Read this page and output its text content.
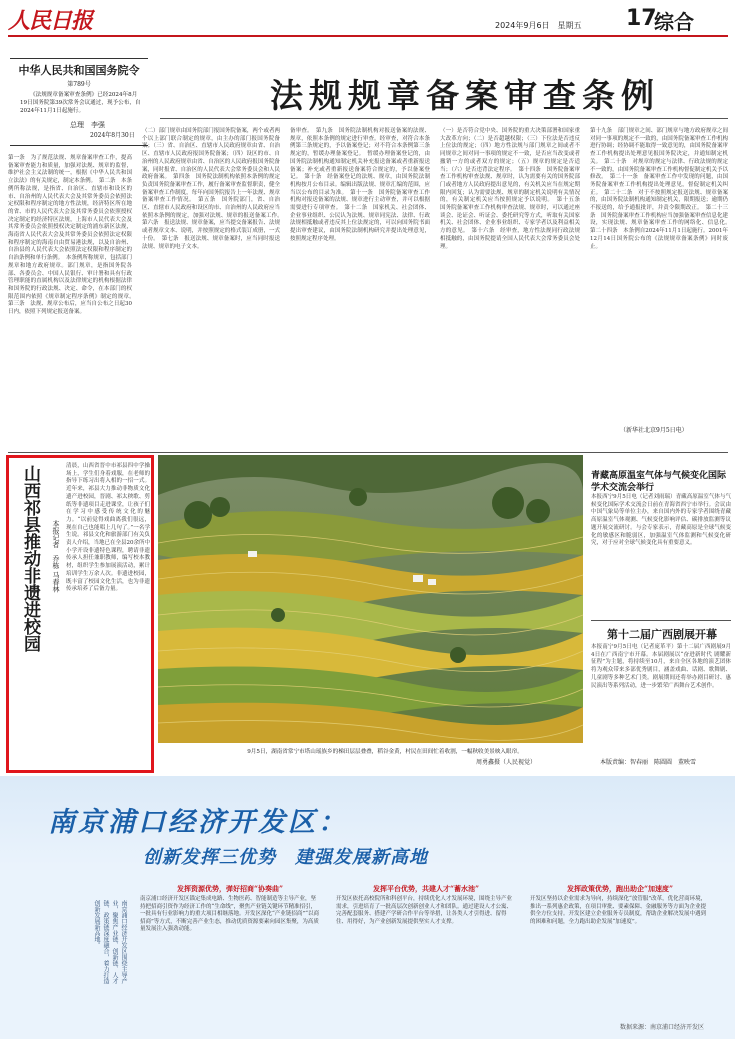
人民日报	2024年9月6日　星期五 17
综合
中华人民共和国国务院令
第789号
《法规规章备案审查条例》已经2024年8月19日国务院第39次常务会议通过，现予公布，自2024年11月1日起施行。
总理　李强
2024年8月30日
法规规章备案审查条例
第一条　为了规范法规、规章备案审查工作，提高备案审查能力和质量，加强对法规、规章的监督，维护社会主义法制的统一，根据《中华人民共和国立法法》的有关规定，制定本条例。　第二条　本条例所称法规，是指省、自治区、直辖市和设区的市、自治州的人民代表大会及其常务委员会依照法定权限和程序制定的地方性法规，经济特区所在地的省、市的人民代表大会及其常务委员会依照授权决定制定的经济特区法规，上海市人民代表大会及其常务委员会依照授权决定制定的浦东新区法规，海南省人民代表大会及其常务委员会依照法定权限和程序制定的海南自由贸易港法规，以及自治州、自治县的人民代表大会依照法定权限和程序制定的自治条例和单行条例。　本条例所称规章，包括部门规章和地方政府规章。部门规章，是指国务院各部、各委员会、中国人民银行、审计署和具有行政管理职能的直属机构以及法律规定的机构根据法律和国务院的行政法规、决定、命令，在本部门的权限范围内依照《规章制定程序条例》制定的规章。　第三条　法规、规章公布后，应当自公布之日起30日内，依照下列规定报送备案。
（二）部门规章由国务院部门报国务院备案，两个或者两个以上部门联合制定的规章，由主办的部门报国务院备案；（三）省、自治区、直辖市人民政府规章由省、自治区、直辖市人民政府报国务院备案；（四）设区的市、自治州的人民政府规章由省、自治区的人民政府报国务院备案，同时报省、自治区的人民代表大会常务委员会和人民政府备案。　第四条　国务院法制机构依照本条例的规定负责国务院备案审查工作，履行备案审查监督职责，健全备案审查工作制度，每年向国务院报告上一年法规、规章备案审查工作情况。　第五条　国务院部门，省、自治区、直辖市人民政府和设区的市、自治州的人民政府应当依照本条例的规定，加强对法规、规章的报送备案工作。　第六条　报送法规、规章备案，应当提交备案报告、法规或者规章文本、说明，并按照规定的格式装订成册，一式十份。　第七条　报送法规、规章备案时，应当同时报送法规、规章的电子文本。
备审查。　第九条　国务院法制机构对报送备案的法规、规章，依照本条例的规定进行审查。经审查，对符合本条例第三条规定的，予以备案登记；对不符合本条例第三条规定的，暂缓办理备案登记。　暂缓办理备案登记的，由国务院法制机构通知制定机关补充报送备案或者重新报送备案；补充或者重新报送备案符合规定的，予以备案登记。　第十条　经备案登记的法规、规章，由国务院法制机构按月公布目录。编辑出版法规、规章汇编的范围，应当以公布的目录为准。　第十一条　国务院备案审查工作机构对报送备案的法规、规章进行主动审查，并可以根据需要进行专项审查。　第十二条　国家机关、社会团体、企业事业组织、公民认为法规、规章同宪法、法律、行政法规相抵触或者违反其上位法规定的，可以向国务院书面提出审查建议，由国务院法制机构研究并提出处理意见，按照规定程序处理。
（一）是否符合党中央、国务院的重大决策部署和国家重大改革方向；（二）是否超越权限；（三）下位法是否违反上位法的规定；（四）地方性法规与部门规章之间或者不同规章之间对同一事项的规定不一致，是否应当改变或者撤销一方的或者双方的规定；（五）规章的规定是否适当；（六）是否违背法定程序。　第十四条　国务院备案审查工作机构审查法规、规章时，认为需要有关的国务院部门或者地方人民政府提出意见的，有关机关应当在规定期限内回复；认为需要法规、规章的制定机关说明有关情况的，有关制定机关应当按照规定予以说明。　第十五条　国务院备案审查工作机构审查法规、规章时，可以通过座谈会、论证会、听证会、委托研究等方式，听取有关国家机关、社会团体、企业事业组织、专家学者以及利益相关方的意见。　第十六条　经审查，地方性法规同行政法规相抵触的，由国务院提请全国人民代表大会常务委员会处理。
第十九条　部门规章之间、部门规章与地方政府规章之间对同一事项的规定不一致的，由国务院备案审查工作机构进行协调；经协调不能取得一致意见的，由国务院备案审查工作机构提出处理意见报国务院决定，并通知制定机关。　第二十条　对规章的规定与法律、行政法规的规定不一致的，由国务院备案审查工作机构督促制定机关予以修改。　第二十一条　备案审查工作中发现的问题，由国务院备案审查工作机构提出处理意见，督促制定机关纠正。　第二十二条　对于不按照规定报送法规、规章备案的，由国务院法制机构通知制定机关，限期报送；逾期仍不报送的，给予通报批评，并责令限期改正。　第二十三条　国务院备案审查工作机构应当加强备案审查信息化建设，实现法规、规章备案审查工作的网络化、信息化。　第二十四条　本条例自2024年11月1日起施行。2001年12月14日国务院公布的《法规规章备案条例》同时废止。
（新华社北京9月5日电）
山西祁县推动非遗进校园	本报记者　乔栋 马春林
清晨，山西省晋中市祁县四中学操场上，学生们身着戏服，在老师的指导下练习出将入相的一招一式。近年来，祁县大力推动非物质文化遗产进校园，晋剧、祁太秧歌、剪纸等非遗项目走进课堂，让孩子们在学习中感受传统文化的魅力。“以前觉得戏曲离我们很远，现在自己也能唱上几句了。”一名学生说。祁县文化和旅游部门有关负责人介绍，当地已在全县20余所中小学开设非遗特色课程，聘请非遗传承人担任兼职教师，编写校本教材，组织学生参加展演活动，累计培训学生万余人次。非遗进校园，既丰富了校园文化生活，也为非遗传承培养了后备力量。
9月5日，湖南省常宁市塔山瑶族乡的梯田层层叠叠，稻谷金黄，村民在田间忙着收割，一幅秋收美景映入眼帘。
周勇鑫摄（人民视觉）
青藏高原温室气体与气候变化国际学术交流会举行
本报西宁9月5日电（记者刘雨瑞）青藏高原温室气体与气候变化国际学术交流会日前在青海省西宁市举行。会议由中国气象局等单位主办，来自国内外的专家学者围绕青藏高原温室气体观测、气候变化影响评估、碳排放监测等议题开展交流研讨。与会专家表示，青藏高原是全球气候变化的敏感区和脆弱区，加强温室气体监测和气候变化研究，对于应对全球气候变化具有重要意义。
第十二届广西剧展开幕
本报南宁9月5日电（记者庞革平）第十二届广西剧展9月4日在广西南宁市开幕。本届剧展以“奋进新时代 剧耀新征程”为主题，将持续至10月，来自全区各地的演艺团体将为观众带来多部优秀剧目，涵盖戏曲、话剧、歌舞剧、儿童剧等多种艺术门类。剧展期间还将举办剧目研讨、惠民演出等系列活动，进一步繁荣广西舞台艺术创作。
本版责编：智春丽　陈圆圆　董映雪
南京浦口经济开发区：
创新发挥三优势　建强发展新高地
南京浦口经济开发区围绕主导产业，聚焦产业链、创新链、人才链、政策链深度融合，着力打造创新发展新高地。
发挥资源优势，弹好招商“协奏曲”
南京浦口经济开发区锚定集成电路、生物医药、智能制造等主导产业，坚持把招商引资作为经济工作的“生命线”，聚焦产业链关键环节精准招引，一批具有行业影响力的重大项目相继落地。开发区深化“产业链招商”“以商招商”等方式，不断完善产业生态，推动优质资源要素向园区集聚，为高质量发展注入强劲动能。
发挥平台优势，共建人才“蓄水池”
开发区依托高校院所和科创平台，持续优化人才发展环境，围绕主导产业需求，引进培育了一批高层次创新创业人才和团队。通过建设人才公寓、完善配套服务、搭建产学研合作平台等举措，让各类人才引得进、留得住、用得好，为产业创新发展提供坚实人才支撑。
发挥政策优势，跑出助企“加速度”
开发区坚持以企业需求为导向，持续深化“放管服”改革，优化营商环境，推出一系列惠企政策，在项目审批、要素保障、金融服务等方面为企业提供全方位支持。开发区建立企业服务专员制度，帮助企业解决发展中遇到的困难和问题，全力跑出助企发展“加速度”。
数据来源：南京浦口经济开发区
